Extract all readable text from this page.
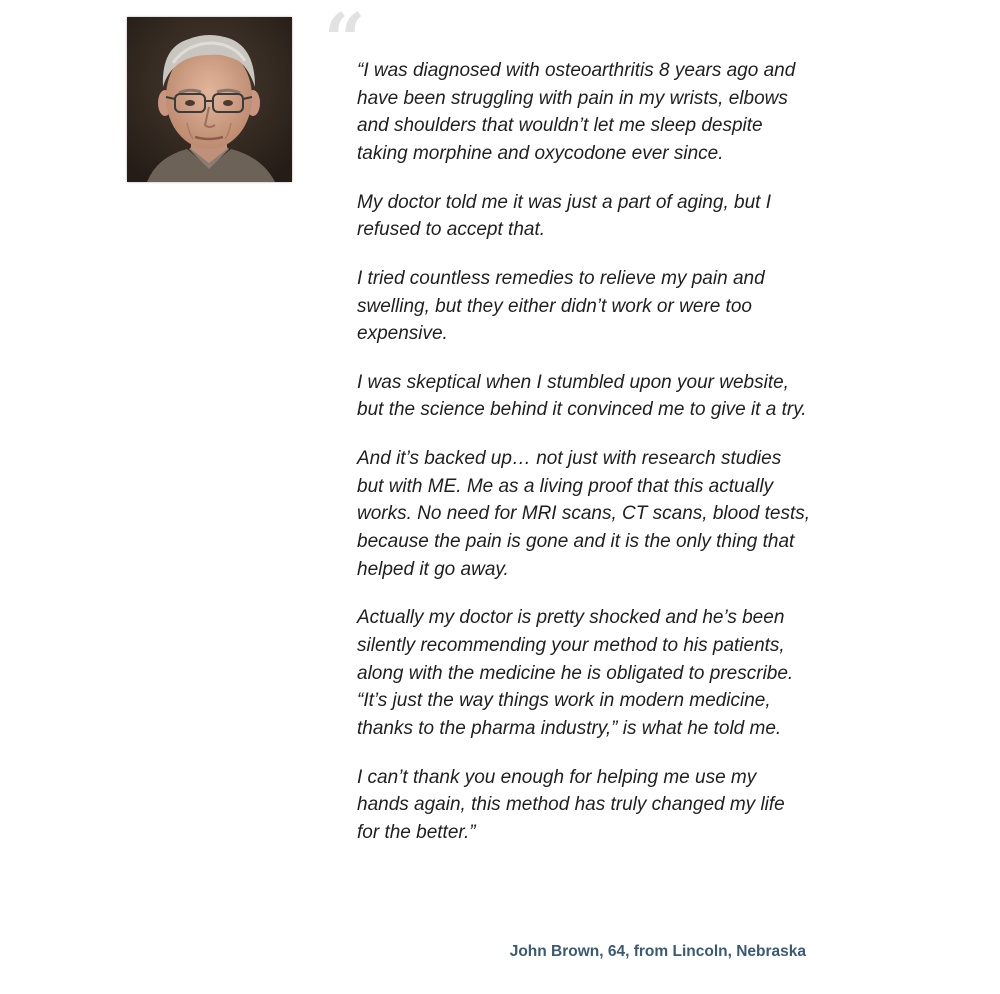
“

“I was diagnosed with osteoarthritis 8 years ago and have been struggling with pain in my wrists, elbows and shoulders that wouldn’t let me sleep despite taking morphine and oxycodone ever since.

My doctor told me it was just a part of aging, but I refused to accept that.

I tried countless remedies to relieve my pain and swelling, but they either didn’t work or were too expensive.

I was skeptical when I stumbled upon your website, but the science behind it convinced me to give it a try.

And it’s backed up… not just with research studies but with ME. Me as a living proof that this actually works. No need for MRI scans, CT scans, blood tests, because the pain is gone and it is the only thing that helped it go away.

Actually my doctor is pretty shocked and he’s been silently recommending your method to his patients, along with the medicine he is obligated to prescribe. “It’s just the way things work in modern medicine, thanks to the pharma industry,” is what he told me.

I can’t thank you enough for helping me use my hands again, this method has truly changed my life for the better.”

John Brown, 64, from Lincoln, Nebraska
